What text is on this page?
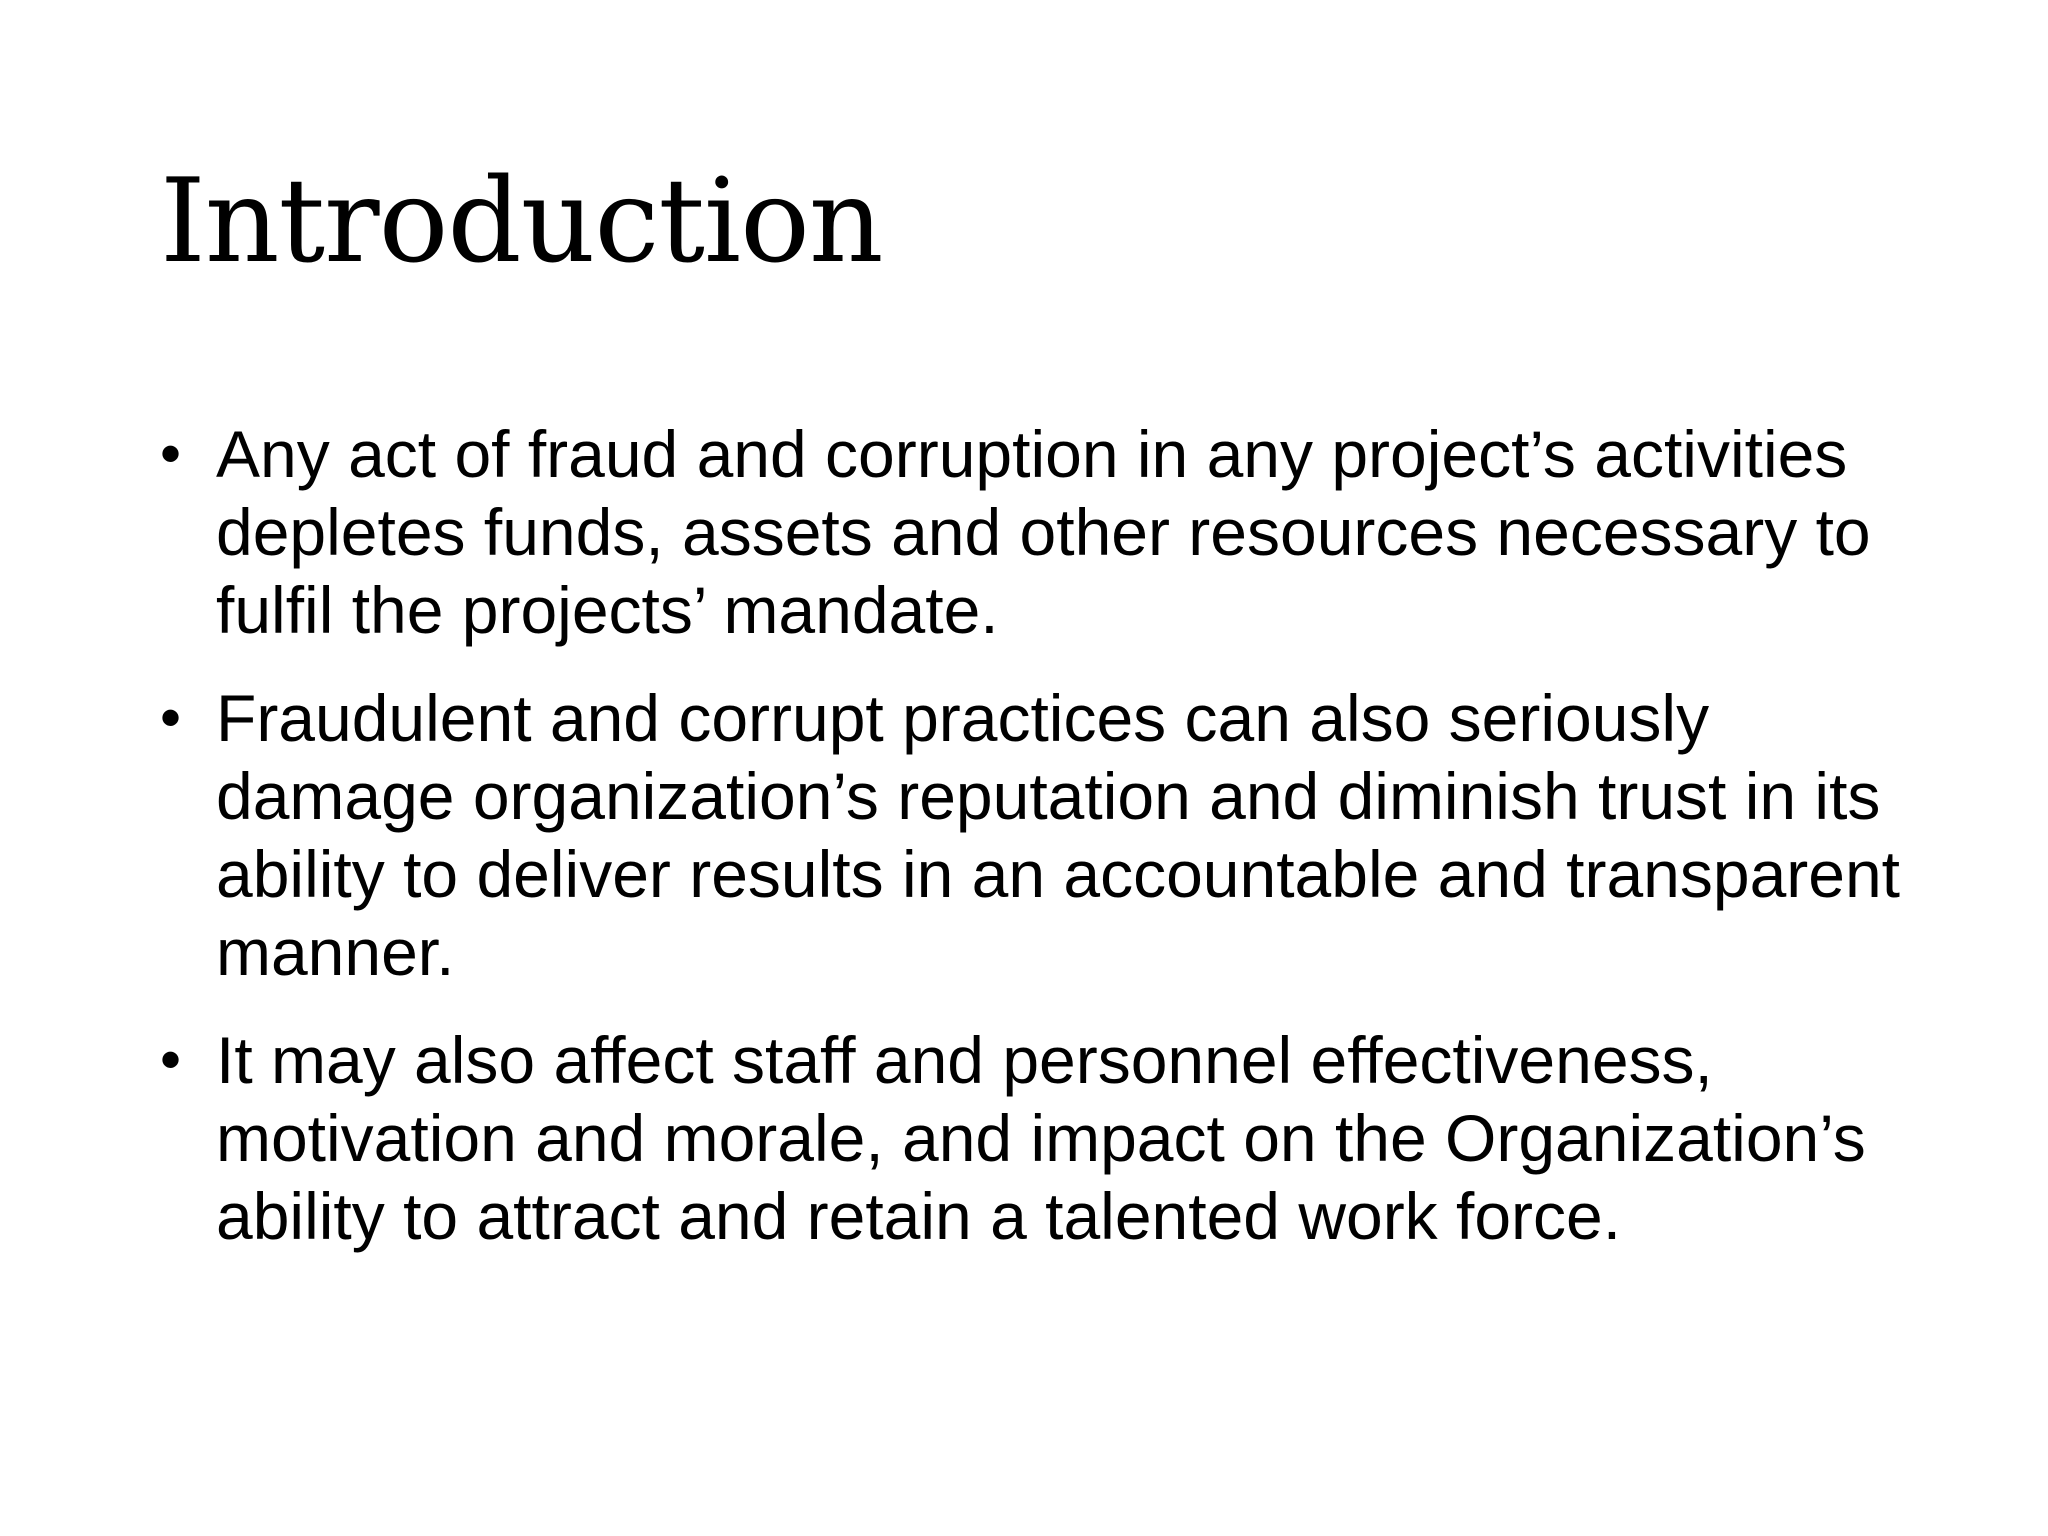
Introduction
• Any act of fraud and corruption in any project’s activities depletes funds, assets and other resources necessary to fulfil the projects’ mandate.
• Fraudulent and corrupt practices can also seriously damage organization’s reputation and diminish trust in its ability to deliver results in an accountable and transparent manner.
• It may also affect staff and personnel effectiveness, motivation and morale, and impact on the Organization’s ability to attract and retain a talented work force.
